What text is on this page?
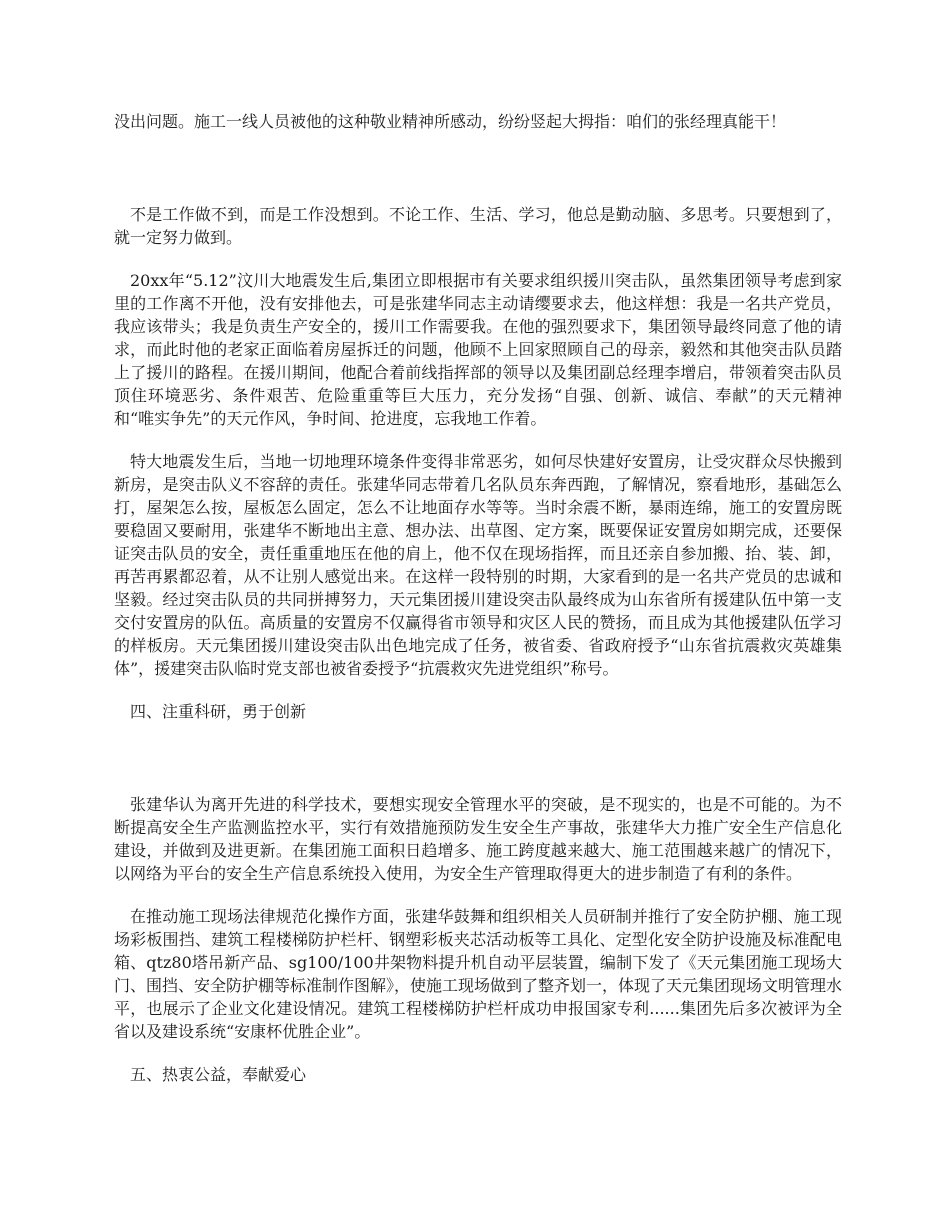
没出问题。施工一线人员被他的这种敬业精神所感动，纷纷竖起大拇指：咱们的张经理真能干！

不是工作做不到，而是工作没想到。不论工作、生活、学习，他总是勤动脑、多思考。只要想到了，就一定努力做到。

20xx年“5.12”汶川大地震发生后,集团立即根据市有关要求组织援川突击队，虽然集团领导考虑到家里的工作离不开他，没有安排他去，可是张建华同志主动请缨要求去，他这样想：我是一名共产党员，我应该带头；我是负责生产安全的，援川工作需要我。在他的强烈要求下，集团领导最终同意了他的请求，而此时他的老家正面临着房屋拆迁的问题，他顾不上回家照顾自己的母亲，毅然和其他突击队员踏上了援川的路程。在援川期间，他配合着前线指挥部的领导以及集团副总经理李增启，带领着突击队员顶住环境恶劣、条件艰苦、危险重重等巨大压力，充分发扬“自强、创新、诚信、奉献”的天元精神和“唯实争先”的天元作风，争时间、抢进度，忘我地工作着。

特大地震发生后，当地一切地理环境条件变得非常恶劣，如何尽快建好安置房，让受灾群众尽快搬到新房，是突击队义不容辞的责任。张建华同志带着几名队员东奔西跑，了解情况，察看地形，基础怎么打，屋架怎么按，屋板怎么固定，怎么不让地面存水等等。当时余震不断，暴雨连绵，施工的安置房既要稳固又要耐用，张建华不断地出主意、想办法、出草图、定方案，既要保证安置房如期完成，还要保证突击队员的安全，责任重重地压在他的肩上，他不仅在现场指挥，而且还亲自参加搬、抬、装、卸，再苦再累都忍着，从不让别人感觉出来。在这样一段特别的时期，大家看到的是一名共产党员的忠诚和坚毅。经过突击队员的共同拼搏努力，天元集团援川建设突击队最终成为山东省所有援建队伍中第一支交付安置房的队伍。高质量的安置房不仅赢得省市领导和灾区人民的赞扬，而且成为其他援建队伍学习的样板房。天元集团援川建设突击队出色地完成了任务，被省委、省政府授予“山东省抗震救灾英雄集体”，援建突击队临时党支部也被省委授予“抗震救灾先进党组织”称号。

四、注重科研，勇于创新

张建华认为离开先进的科学技术，要想实现安全管理水平的突破，是不现实的，也是不可能的。为不断提高安全生产监测监控水平，实行有效措施预防发生安全生产事故，张建华大力推广安全生产信息化建设，并做到及进更新。在集团施工面积日趋增多、施工跨度越来越大、施工范围越来越广的情况下，以网络为平台的安全生产信息系统投入使用，为安全生产管理取得更大的进步制造了有利的条件。

在推动施工现场法律规范化操作方面，张建华鼓舞和组织相关人员研制并推行了安全防护棚、施工现场彩板围挡、建筑工程楼梯防护栏杆、钢塑彩板夹芯活动板等工具化、定型化安全防护设施及标准配电箱、qtz80塔吊新产品、sg100/100井架物料提升机自动平层装置，编制下发了《天元集团施工现场大门、围挡、安全防护棚等标准制作图解》，使施工现场做到了整齐划一，体现了天元集团现场文明管理水平，也展示了企业文化建设情况。建筑工程楼梯防护栏杆成功申报国家专利......集团先后多次被评为全省以及建设系统“安康杯优胜企业”。

五、热衷公益，奉献爱心
